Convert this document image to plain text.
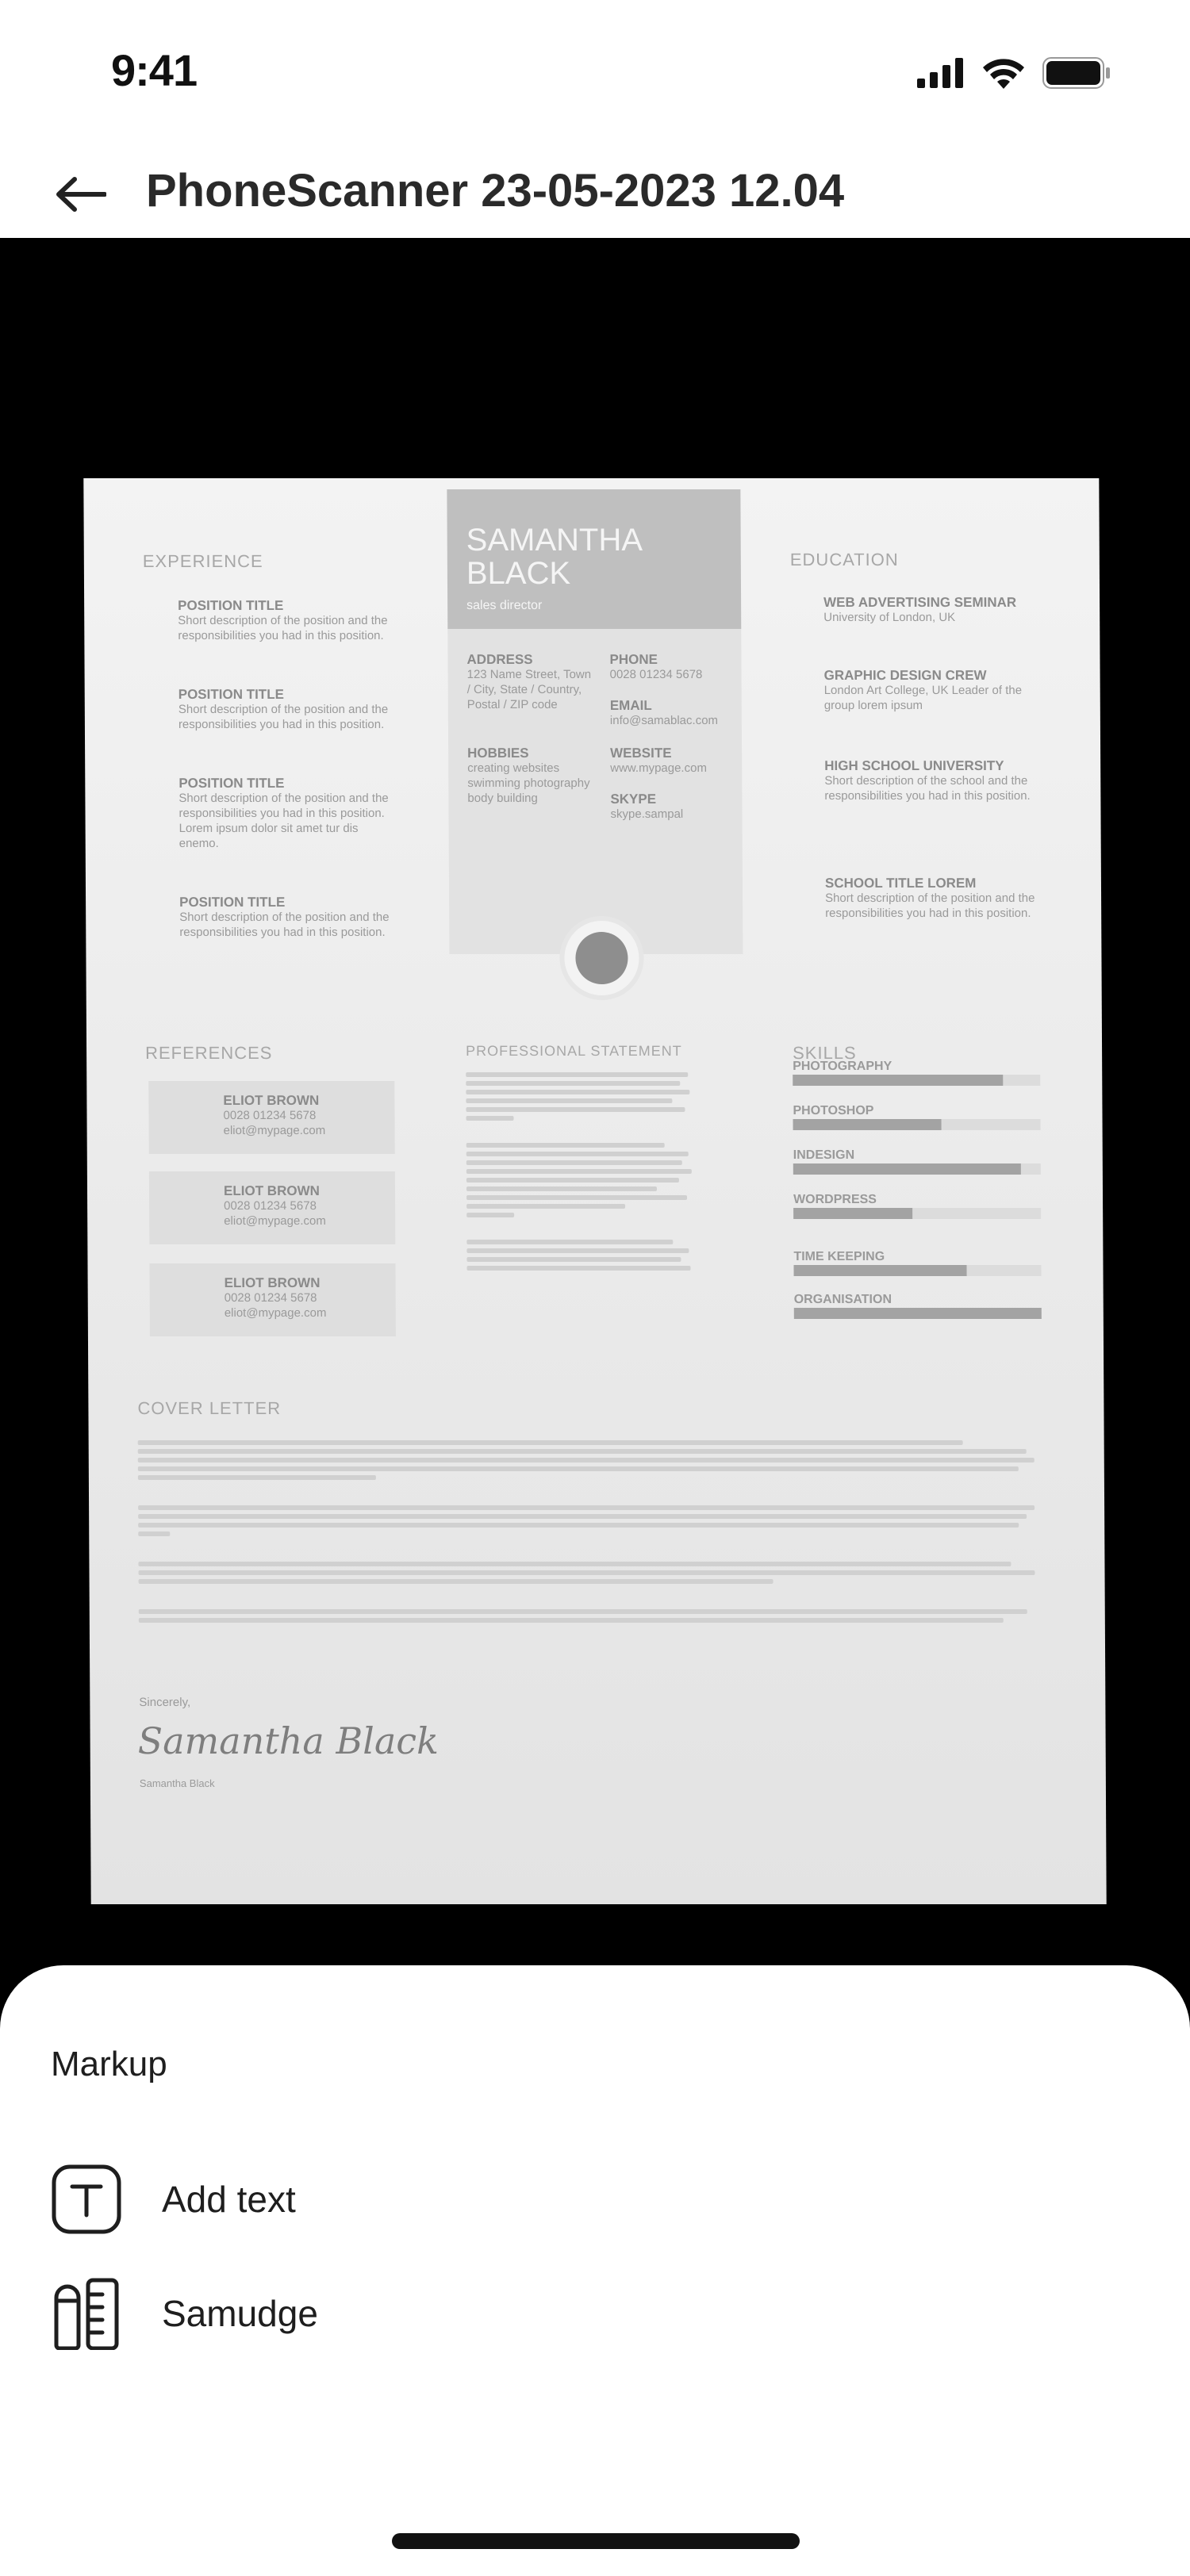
9:41
PhoneScanner 23-05-2023 12.04
EXPERIENCE
POSITION TITLE
Short description of the position and the responsibilities you had in this position.
POSITION TITLE
Short description of the position and the responsibilities you had in this position.
POSITION TITLE
Short description of the position and the responsibilities you had in this position. Lorem ipsum dolor sit amet tur dis enemo.
POSITION TITLE
Short description of the position and the responsibilities you had in this position.
SAMANTHA
BLACK
sales director
ADDRESS
123 Name Street, Town / City, State / Country, Postal / ZIP code
PHONE
0028 01234 5678
EMAIL
info@samablac.com
HOBBIES
creating websites swimming photography body building
WEBSITE
www.mypage.com
SKYPE
skype.sampal
EDUCATION
WEB ADVERTISING SEMINAR
University of London, UK
GRAPHIC DESIGN CREW
London Art College, UK Leader of the group lorem ipsum
HIGH SCHOOL UNIVERSITY
Short description of the school and the responsibilities you had in this position.
SCHOOL TITLE LOREM
Short description of the position and the responsibilities you had in this position.
REFERENCES
ELIOT BROWN
0028 01234 5678
eliot@mypage.com
ELIOT BROWN
0028 01234 5678
eliot@mypage.com
ELIOT BROWN
0028 01234 5678
eliot@mypage.com
PROFESSIONAL STATEMENT	SKILLS
PHOTOGRAPHY
PHOTOSHOP
INDESIGN
WORDPRESS
TIME KEEPING
ORGANISATION
COVER LETTER
Sincerely,
Samantha Black
Samantha Black
Markup
Add text
Samudge
